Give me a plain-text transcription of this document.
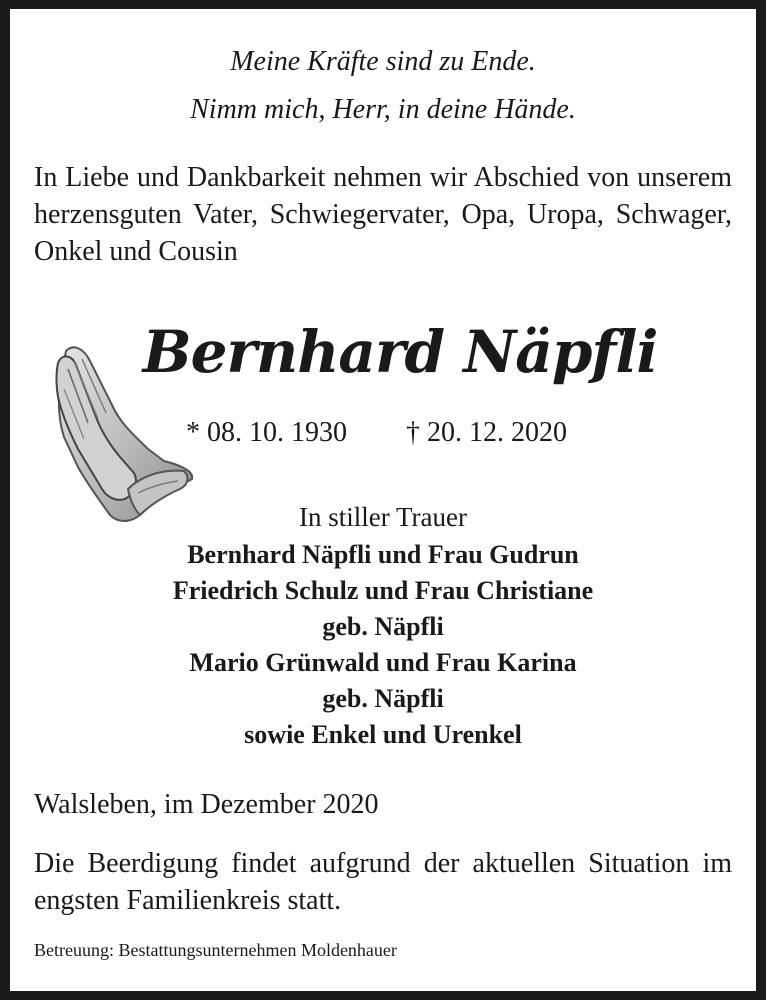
Meine Kräfte sind zu Ende.
Nimm mich, Herr, in deine Hände.
In Liebe und Dankbarkeit nehmen wir Abschied von unserem herzensguten Vater, Schwiegervater, Opa, Uropa, Schwager, Onkel und Cousin
Bernhard Näpfli
* 08. 10. 1930 † 20. 12. 2020
In stiller Trauer
Bernhard Näpfli und Frau Gudrun
Friedrich Schulz und Frau Christiane
geb. Näpfli
Mario Grünwald und Frau Karina
geb. Näpfli
sowie Enkel und Urenkel
Walsleben, im Dezember 2020
Die Beerdigung findet aufgrund der aktuellen Situation im engsten Familienkreis statt.
Betreuung: Bestattungsunternehmen Moldenhauer
